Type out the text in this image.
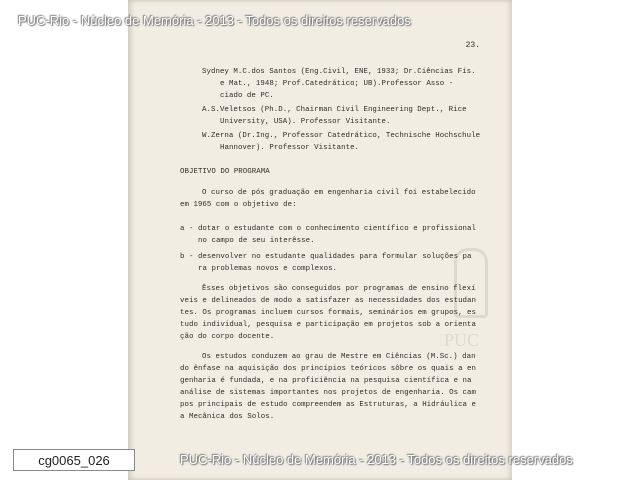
PUC
23.
Sydney M.C.dos Santos (Eng.Civil, ENE, 1933; Dr.Ciências Fís.
e Mat., 1948; Prof.Catedrático; UB).Professor Asso -
ciado de PC.
A.S.Veletsos (Ph.D., Chairman Civil Engineering Dept., Rice
University, USA). Professor Visitante.
W.Zerna (Dr.Ing., Professor Catedrático, Technische Hochschule
Hannover). Professor Visitante.
OBJETIVO DO PROGRAMA
O curso de pós graduação em engenharia civil foi estabelecido
em 1965 com o objetivo de:
a - dotar o estudante com o conhecimento científico e profissional
no campo de seu interêsse.
b - desenvolver no estudante qualidades para formular soluções pa
ra problemas novos e complexos.
Êsses objetivos são conseguidos por programas de ensino flexí
veis e delineados de modo a satisfazer as necessidades dos estudan
tes. Os programas incluem cursos formais, seminários em grupos, es
tudo individual, pesquisa e participação em projetos sob a orienta
ção do corpo docente.
Os estudos conduzem ao grau de Mestre em Ciências (M.Sc.) dan
do ênfase na aquisição dos princípios teóricos sôbre os quais a en
genharia é fundada, e na proficiência na pesquisa científica e na
análise de sistemas importantes nos projetos de engenharia. Os cam
pos principais de estudo compreendem as Estruturas, a Hidráulica e
a Mecânica dos Solos.
PUC-Rio - Núcleo de Memória - 2013 - Todos os direitos reservados
PUC-Rio - Núcleo de Memória - 2013 - Todos os direitos reservados
cg0065_026
